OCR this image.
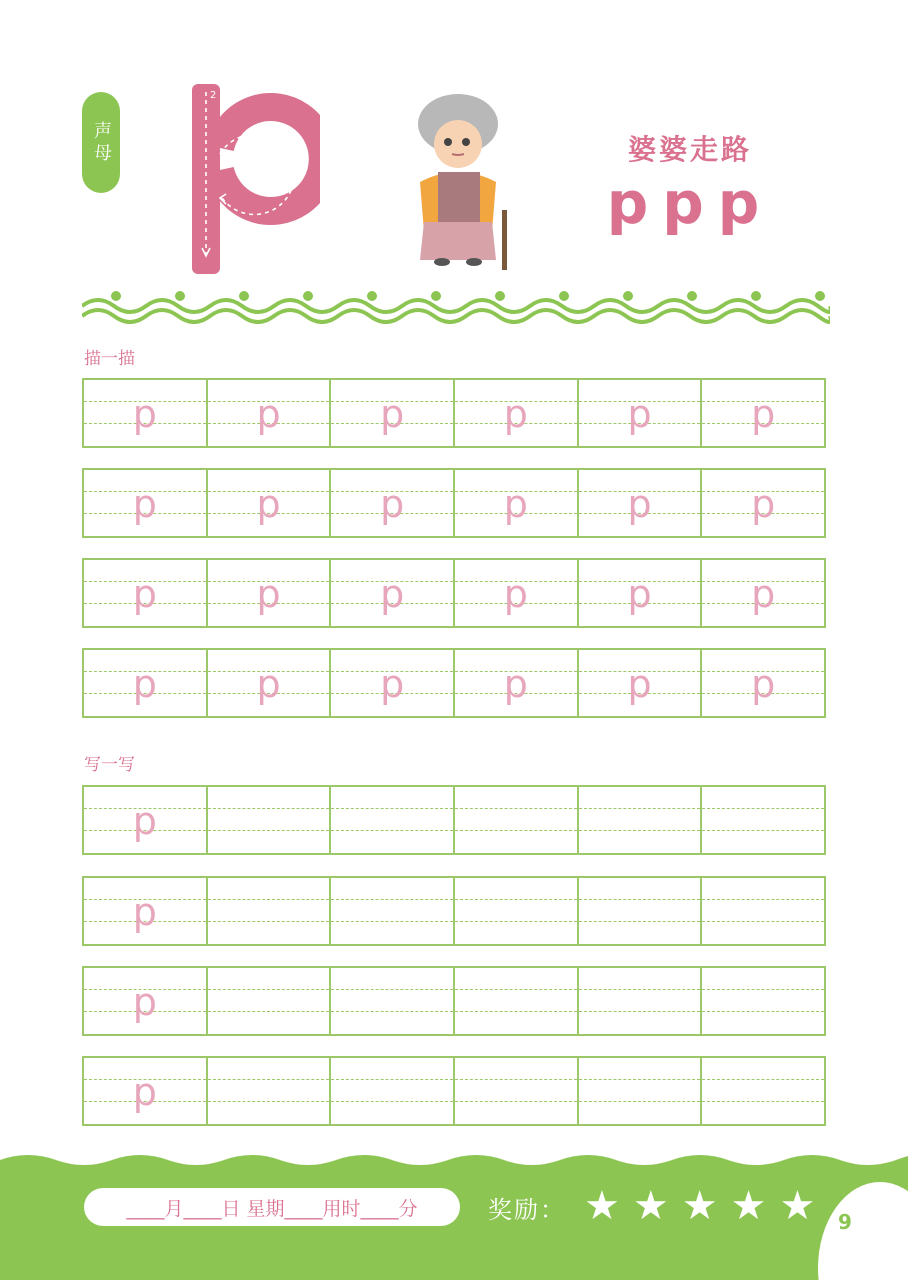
声母
2
婆婆走路
ppp
描一描
p	p	p	p	p	p
p	p	p	p	p	p
p	p	p	p	p	p
p	p	p	p	p	p
写一写
p
p
p
p
____月____日 星期____用时____分	奖励： ★ ★ ★ ★ ★ 9
